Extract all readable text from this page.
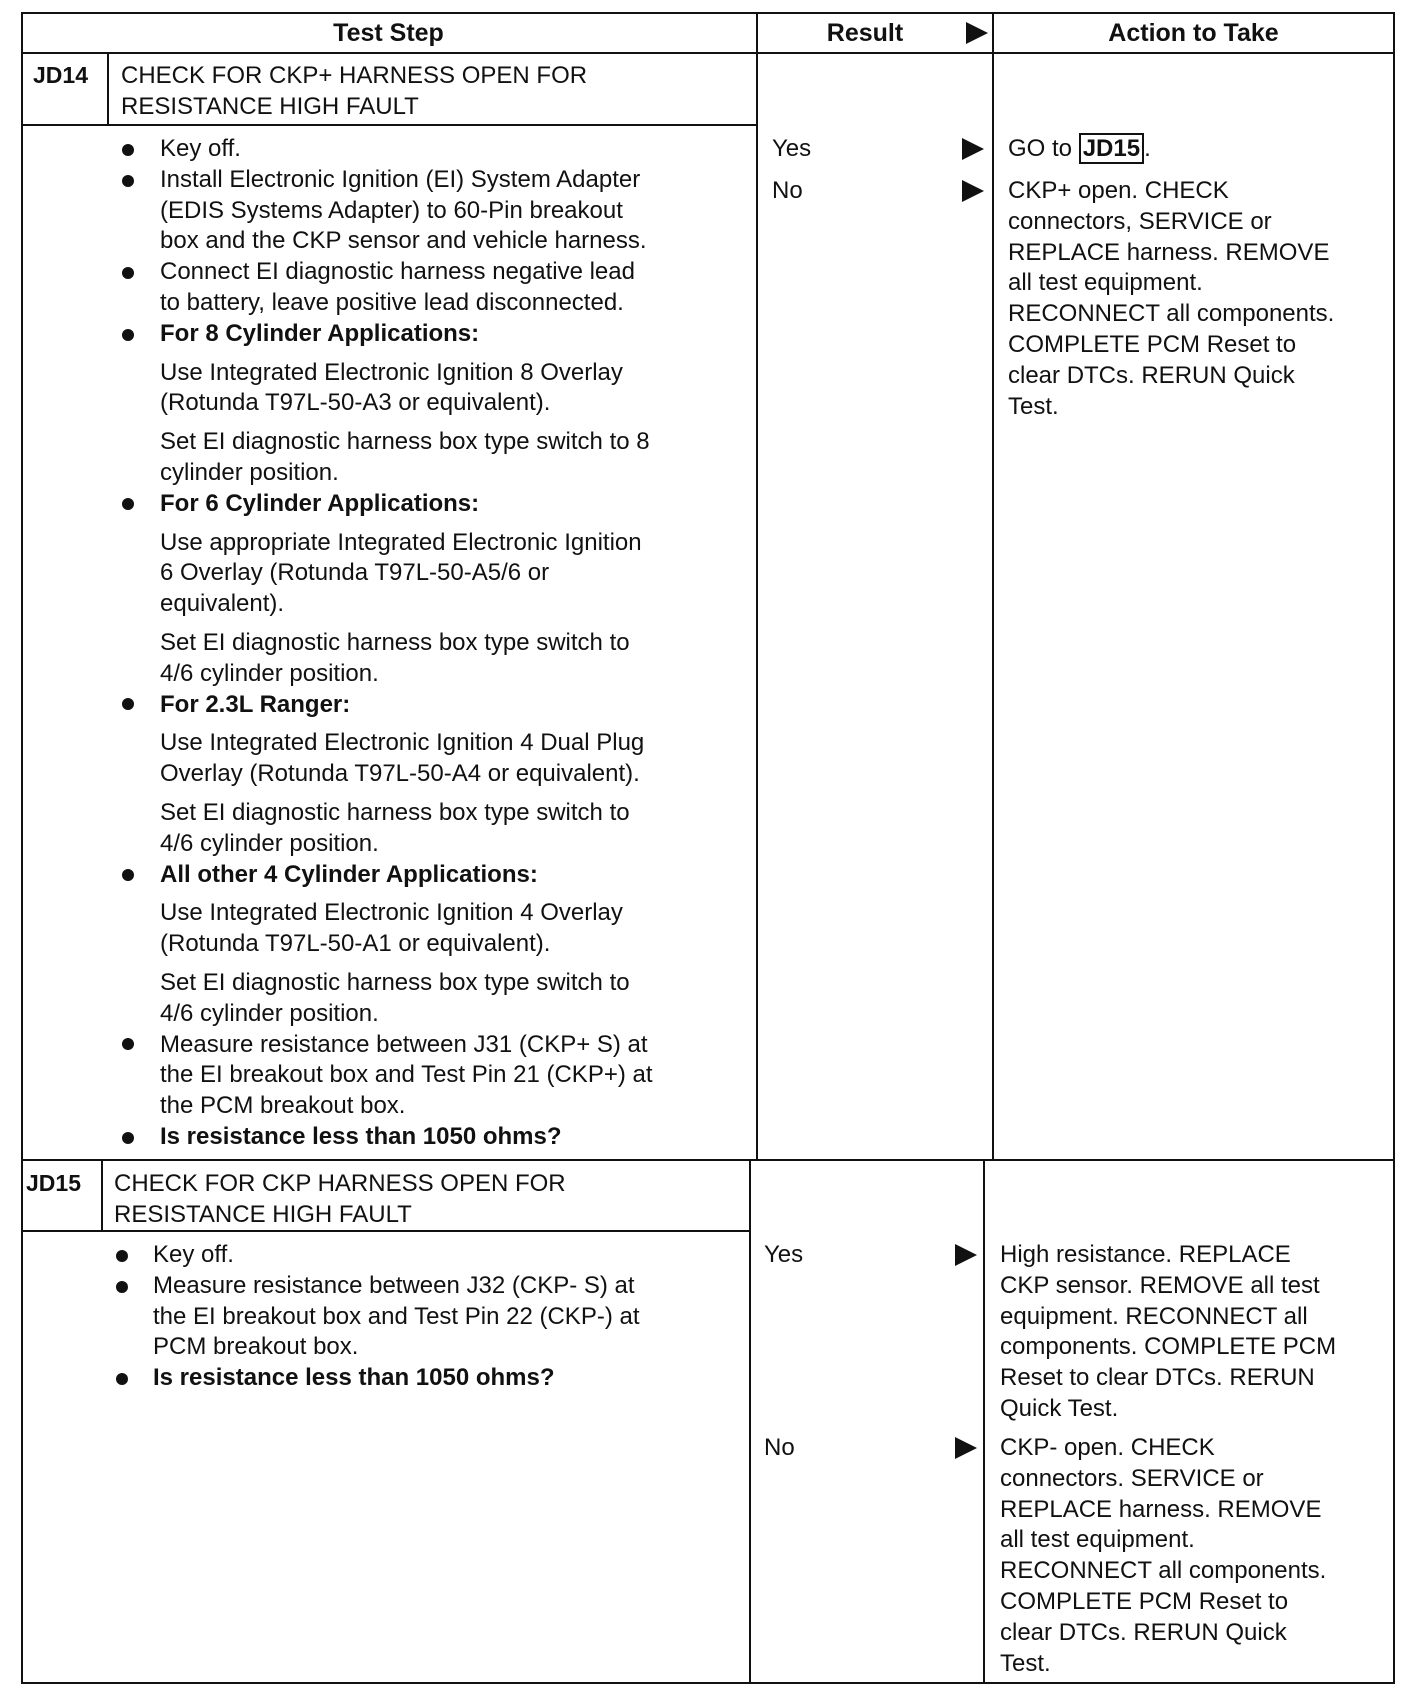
Test Step	Result	Action to Take
JD14 CHECK FOR CKP+ HARNESS OPEN FOR
RESISTANCE HIGH FAULT
Key off.
Install Electronic Ignition (EI) System Adapter
(EDIS Systems Adapter) to 60-Pin breakout
box and the CKP sensor and vehicle harness.
Connect EI diagnostic harness negative lead
to battery, leave positive lead disconnected.
For 8 Cylinder Applications:
Use Integrated Electronic Ignition 8 Overlay
(Rotunda T97L-50-A3 or equivalent).
Set EI diagnostic harness box type switch to 8
cylinder position.
For 6 Cylinder Applications:
Use appropriate Integrated Electronic Ignition
6 Overlay (Rotunda T97L-50-A5/6 or
equivalent).
Set EI diagnostic harness box type switch to
4/6 cylinder position.
For 2.3L Ranger:
Use Integrated Electronic Ignition 4 Dual Plug
Overlay (Rotunda T97L-50-A4 or equivalent).
Set EI diagnostic harness box type switch to
4/6 cylinder position.
All other 4 Cylinder Applications:
Use Integrated Electronic Ignition 4 Overlay
(Rotunda T97L-50-A1 or equivalent).
Set EI diagnostic harness box type switch to
4/6 cylinder position.
Measure resistance between J31 (CKP+ S) at
the EI breakout box and Test Pin 21 (CKP+) at
the PCM breakout box.
Is resistance less than 1050 ohms?
Yes	GO to JD15 .
No	CKP+ open. CHECK
connectors, SERVICE or
REPLACE harness. REMOVE
all test equipment.
RECONNECT all components.
COMPLETE PCM Reset to
clear DTCs. RERUN Quick
Test.
JD15 CHECK FOR CKP HARNESS OPEN FOR
RESISTANCE HIGH FAULT
Key off.
Measure resistance between J32 (CKP- S) at
the EI breakout box and Test Pin 22 (CKP-) at
PCM breakout box.
Is resistance less than 1050 ohms?
Yes	High resistance. REPLACE
CKP sensor. REMOVE all test
equipment. RECONNECT all
components. COMPLETE PCM
Reset to clear DTCs. RERUN
Quick Test.
No	CKP- open. CHECK
connectors. SERVICE or
REPLACE harness. REMOVE
all test equipment.
RECONNECT all components.
COMPLETE PCM Reset to
clear DTCs. RERUN Quick
Test.
